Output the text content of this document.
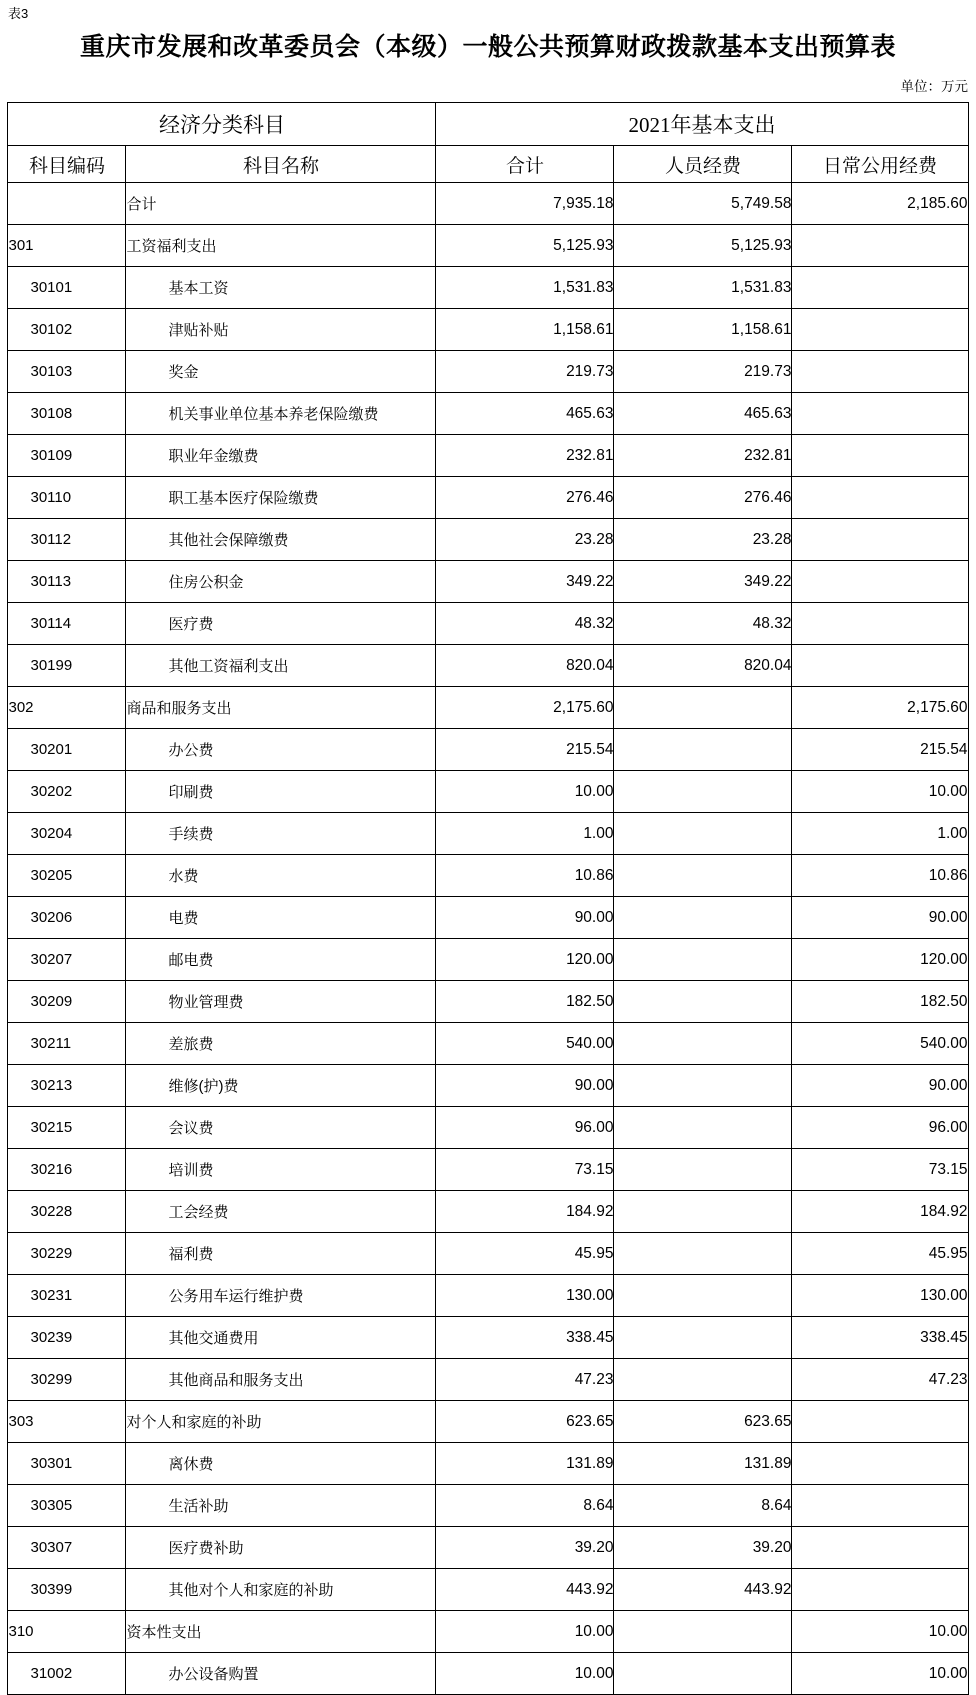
表3
重庆市发展和改革委员会（本级）一般公共预算财政拨款基本支出预算表
单位：万元
经济分类科目		2021年基本支出		
科目编码	科目名称	合计	人员经费	日常公用经费
	合计	7,935.18	5,749.58	2,185.60
301	工资福利支出	5,125.93	5,125.93	
30101	基本工资	1,531.83	1,531.83	
30102	津贴补贴	1,158.61	1,158.61	
30103	奖金	219.73	219.73	
30108	机关事业单位基本养老保险缴费	465.63	465.63	
30109	职业年金缴费	232.81	232.81	
30110	职工基本医疗保险缴费	276.46	276.46	
30112	其他社会保障缴费	23.28	23.28	
30113	住房公积金	349.22	349.22	
30114	医疗费	48.32	48.32	
30199	其他工资福利支出	820.04	820.04	
302	商品和服务支出	2,175.60		2,175.60
30201	办公费	215.54		215.54
30202	印刷费	10.00		10.00
30204	手续费	1.00		1.00
30205	水费	10.86		10.86
30206	电费	90.00		90.00
30207	邮电费	120.00		120.00
30209	物业管理费	182.50		182.50
30211	差旅费	540.00		540.00
30213	维修(护)费	90.00		90.00
30215	会议费	96.00		96.00
30216	培训费	73.15		73.15
30228	工会经费	184.92		184.92
30229	福利费	45.95		45.95
30231	公务用车运行维护费	130.00		130.00
30239	其他交通费用	338.45		338.45
30299	其他商品和服务支出	47.23		47.23
303	对个人和家庭的补助	623.65	623.65	
30301	离休费	131.89	131.89	
30305	生活补助	8.64	8.64	
30307	医疗费补助	39.20	39.20	
30399	其他对个人和家庭的补助	443.92	443.92	
310	资本性支出	10.00		10.00
31002	办公设备购置	10.00		10.00
